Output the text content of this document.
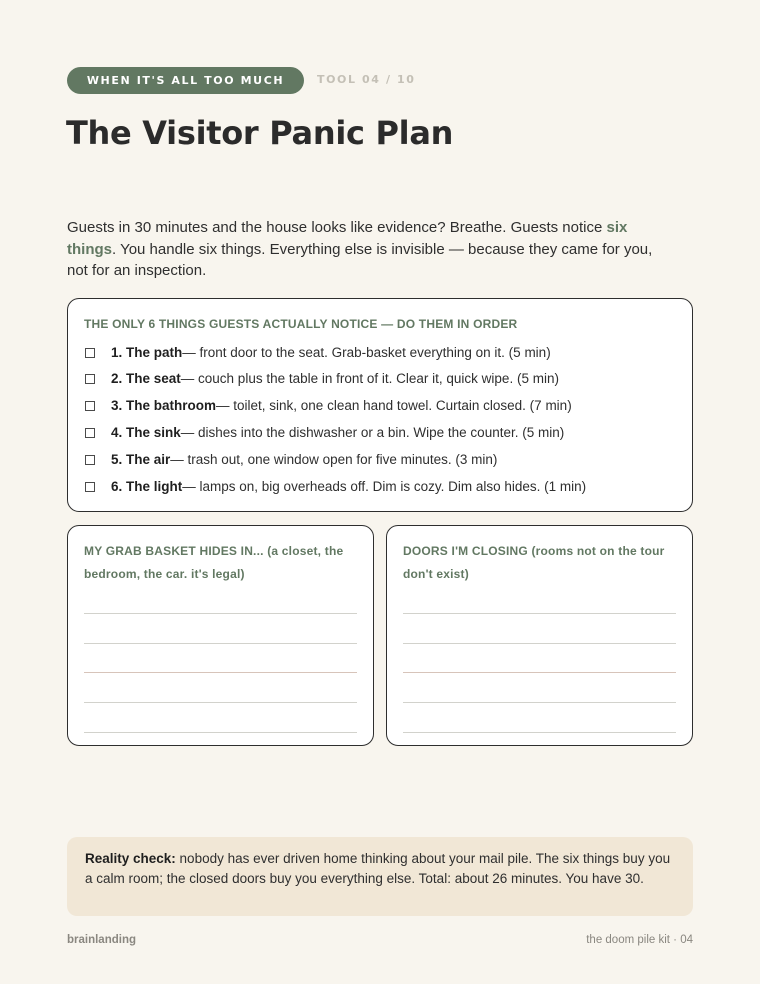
WHEN IT'S ALL TOO MUCH	TOOL 04 / 10
The Visitor Panic Plan

Guests in 30 minutes and the house looks like evidence? Breathe. Guests notice six things. You handle six things. Everything else is invisible — because they came for you, not for an inspection.

THE ONLY 6 THINGS GUESTS ACTUALLY NOTICE — DO THEM IN ORDER
1. The path — front door to the seat. Grab-basket everything on it. (5 min)
2. The seat — couch plus the table in front of it. Clear it, quick wipe. (5 min)
3. The bathroom — toilet, sink, one clean hand towel. Curtain closed. (7 min)
4. The sink — dishes into the dishwasher or a bin. Wipe the counter. (5 min)
5. The air — trash out, one window open for five minutes. (3 min)
6. The light — lamps on, big overheads off. Dim is cozy. Dim also hides. (1 min)
MY GRAB BASKET HIDES IN... (a closet, the bedroom, the car. it's legal)
DOORS I'M CLOSING (rooms not on the tour don't exist)
Reality check: nobody has ever driven home thinking about your mail pile. The six things buy you a calm room; the closed doors buy you everything else. Total: about 26 minutes. You have 30.
brainlanding	the doom pile kit · 04
